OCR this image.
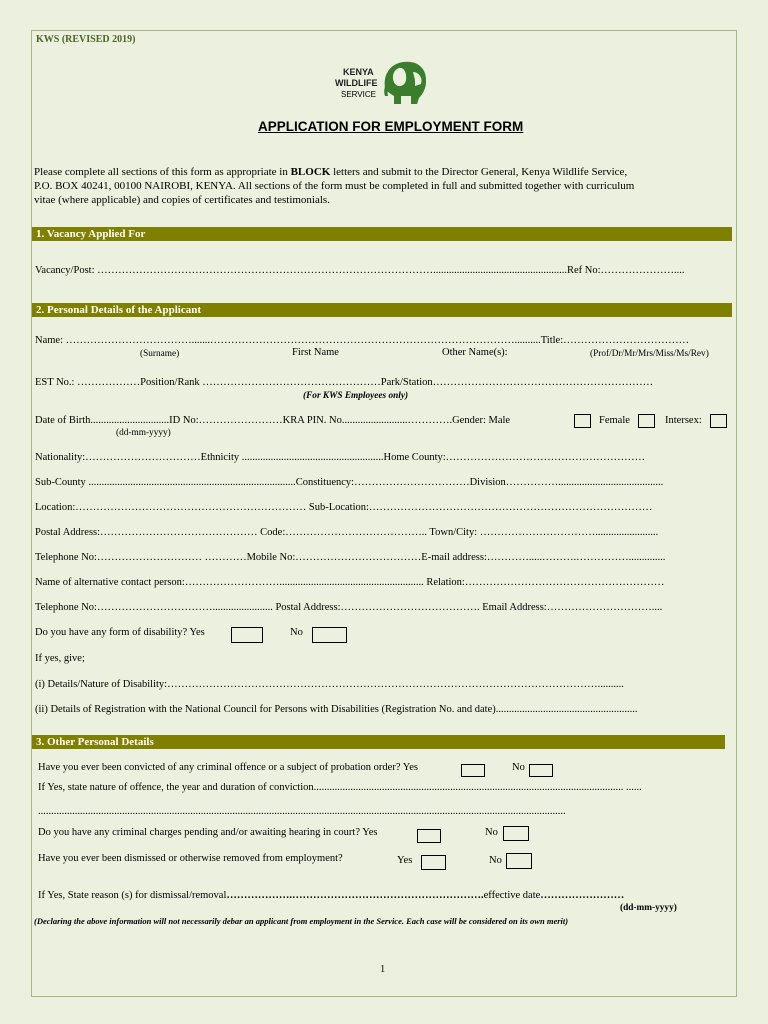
KWS (REVISED 2019)
KENYA
WILDLIFE
SERVICE
APPLICATION FOR EMPLOYMENT FORM
Please complete all sections of this form as appropriate in BLOCK letters and submit to the Director General, Kenya Wildlife Service,
P.O. BOX 40241, 00100 NAIROBI, KENYA. All sections of the form must be completed in full and submitted together with curriculum
vitae (where applicable) and copies of certificates and testimonials.
1. Vacancy Applied For
Vacancy/Post: ……………………………………………………………………………………...................................................Ref No:…………………....
2. Personal Details of the Applicant
Name: ……………………………….......……………………………………………………………………………..........Title:………………………………
(Surname)	First Name	Other Name(s):	(Prof/Dr/Mr/Mrs/Miss/Ms/Rev)
EST No.: ………………Position/Rank ……………………………………………Park/Station………………………………………………………
(For KWS Employees only)
Date of Birth..............................ID No:……………………KRA PIN. No.........................………….Gender: Male	Female	Intersex:
(dd-mm-yyyy)
Nationality:……………………………Ethnicity ......................................................Home County:…………………………………………………
Sub-County ...............................................................................Constituency:……………………………Division……………........................................
Location:………………………………………………………… Sub-Location:………………………………………………………………………
Postal Address:……………………………………… Code:………………………………….. Town/City: ……………………………........................
Telephone No:………………………… …………Mobile No:………………………………E-mail address:………….....……….……………..............
Name of alternative contact person:………………………....................................................... Relation:…………………………………………………
Telephone No:……………………………....................... Postal Address:…………………………………. Email Address:…………………………....
Do you have any form of disability? Yes	No
If yes, give;
(i) Details/Nature of Disability:……………………………………………………………………………………………………………..........
(ii) Details of Registration with the National Council for Persons with Disabilities (Registration No. and date)......................................................
3. Other Personal Details
Have you ever been convicted of any criminal offence or a subject of probation order? Yes	No
If Yes, state nature of offence, the year and duration of conviction...................................................................................................................... ......
.........................................................................................................................................................................................................
Do you have any criminal charges pending and/or awaiting hearing in court? Yes	No
Have you ever been dismissed or otherwise removed from employment?	Yes	No
If Yes, State reason (s) for dismissal/removal……………….……………………………………………….effective date……………………
(dd-mm-yyyy)
(Declaring the above information will not necessarily debar an applicant from employment in the Service. Each case will be considered on its own merit)
1
